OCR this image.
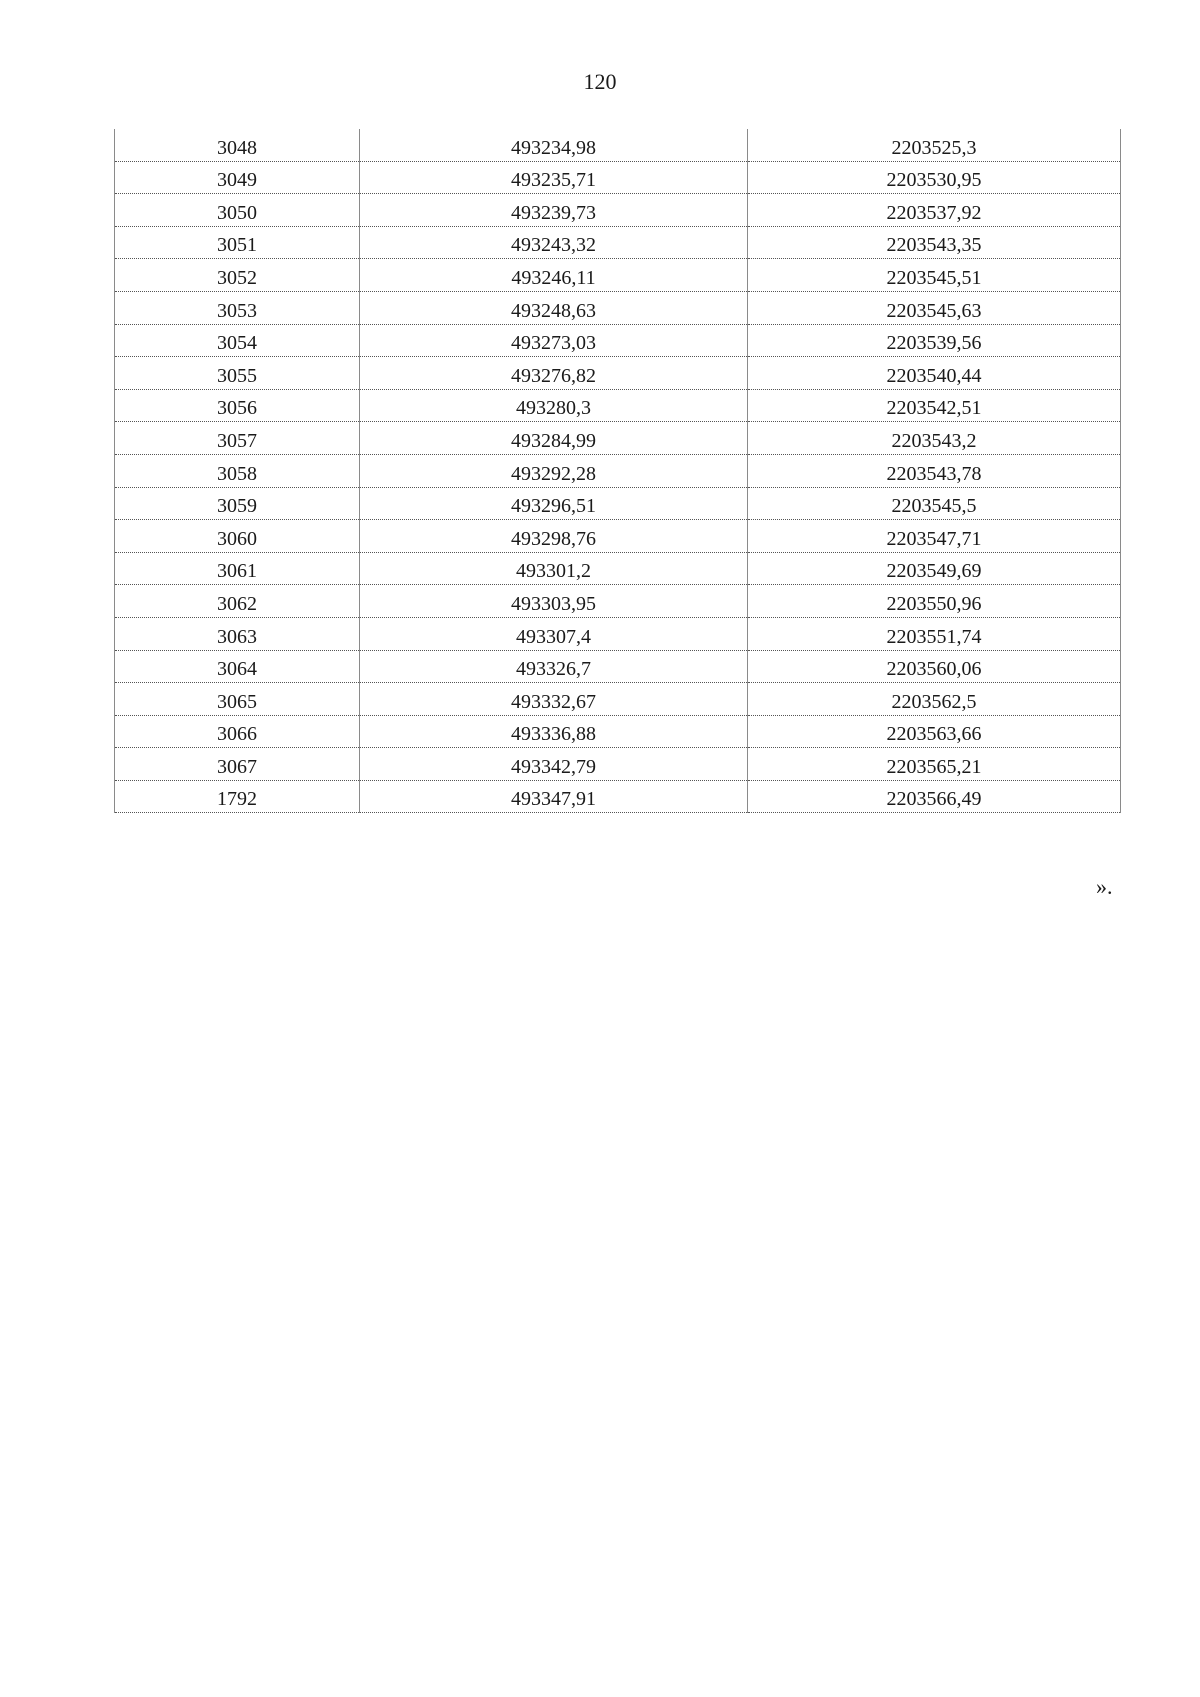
120
3048	493234,98	2203525,3
3049	493235,71	2203530,95
3050	493239,73	2203537,92
3051	493243,32	2203543,35
3052	493246,11	2203545,51
3053	493248,63	2203545,63
3054	493273,03	2203539,56
3055	493276,82	2203540,44
3056	493280,3	2203542,51
3057	493284,99	2203543,2
3058	493292,28	2203543,78
3059	493296,51	2203545,5
3060	493298,76	2203547,71
3061	493301,2	2203549,69
3062	493303,95	2203550,96
3063	493307,4	2203551,74
3064	493326,7	2203560,06
3065	493332,67	2203562,5
3066	493336,88	2203563,66
3067	493342,79	2203565,21
1792	493347,91	2203566,49
».
